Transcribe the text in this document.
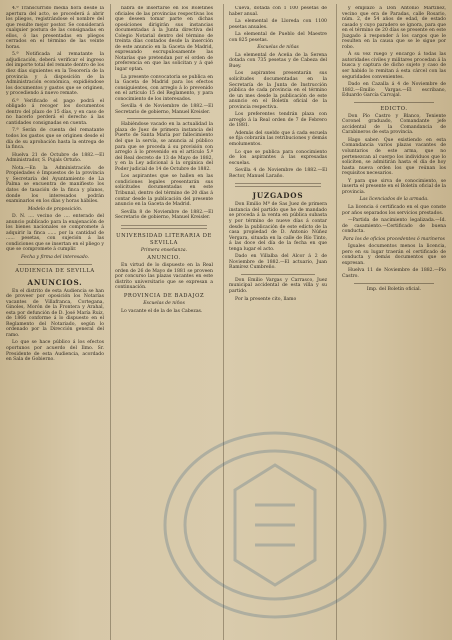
4.ª Transcurrido media hora desde la apertura del acto, se procederá á abrir los pliegos, registrándose el nombre del que resulte mejor postor. Se considerará cualquier postura de las consignadas en ellos, ó las presentadas en pliegos cerrados en el término de las veinte horas.

5.ª Notificada al rematante la adjudicación, deberá verificar el ingreso del importe total del remate dentro de los diez días siguientes en la Tesorería de la provincia y á disposición de la Administración económica, expidiéndose los documentos y gastos que se originen, y procediendo á nuevo remate.

6.ª Verificado el pago podrá el obligado á recoger los documentos dentro del plazo de 15 días, y en caso de no hacerlo perderá el derecho á las cantidades consignadas en cuenta.

7.ª Serán de cuenta del rematante todos los gastos que se originen desde el día de su aprobación hasta la entrega de la finca.

Huelva 21 de Octubre de 1882.—El Administrador, S. Pujals Ortuño.

Nota.—En la Administración de Propiedades é Impuestos de la provincia y Secretaría del Ayuntamiento de La Palma se encuentra de manifiesto los datos de tasación de la finca y planos, donde los interesados podrán examinarlos en los días y horas hábiles.

Modelo de proposición.

D. N. .... vecino de .... enterado del anuncio publicado para la enajenación de los bienes nacionales se compromete á adquirir la finca ...... por la cantidad de ...... pesetas, con sujeción á las condiciones que se insertan en el pliego y que se compromete á cumplir.

Fecha y firma del interesado.

AUDIENCIA DE SEVILLA

ANUNCIOS.

En el distrito de esta Audiencia se han de proveer por oposición los Notarías vacantes de Villafranca, Cortegana, Ginoles, Morón de la Frontera y Arahal, esta por defunción de D. José María Ruiz, de 1866 conforme á lo dispuesto en el Reglamento del Notariado, según lo ordenado por la Dirección general del ramo.

Lo que se hace público á los efectos oportunos por acuerdo del Ilmo. Sr. Presidente de esta Audiencia, acordado en Sala de Gobierno.

habrá de insertarse en los Boletines oficiales de las provincias respectivas los que deseen tomar parte en dichas oposiciones dirigirán sus instancias documentadas á la Junta directiva del Colegio Notarial dentro del término de treinta días contados desde la inserción de este anuncio en la Gaceta de Madrid, expresando escrupulosamente las Notarías que pretendan por el orden de preferencia en que las solicitan y á qué lugar optan.

La presente convocatoria se publica en la Gaceta de Madrid para los efectos consiguientes, con arreglo á lo prevenido en el artículo 15 del Reglamento, y para conocimiento de los interesados.

Sevilla 4 de Noviembre de 1882.—El Secretario de gobierno, Manuel Kreisler.

Habiéndose vacado en la actualidad la plaza de Juez de primera instancia del Puerto de Santa María por fallecimiento del que la servía, se anuncia al público para que se proceda á su provisión con arreglo á lo prevenido en el artículo 5.º del Real decreto de 13 de Mayo de 1882, y en la Ley adicional á la orgánica del Poder judicial de 14 de Octubre de 1882.

Los aspirantes que se hallen en las condiciones legales presentarán sus solicitudes documentadas en este Tribunal, dentro del término de 20 días á contar desde la publicación del presente anuncio en la Gaceta de Madrid.

Sevilla 8 de Noviembre de 1882.—El Secretario de gobierno, Manuel Kreisler.

UNIVERSIDAD LITERARIA DE SEVILLA

Primera enseñanza.

ANUNCIO.

En virtud de lo dispuesto en la Real orden de 26 de Mayo de 1881 se proveen por concurso las plazas vacantes en este distrito universitario que se expresan a continuación.

PROVINCIA DE BADAJOZ

Escuelas de niños

Lo vacante el de la de las Cabezas.

Cueva, dotada con 1 100 pesetas de haber anual.

La elemental de Lloreda con 1100 pesetas anuales.

La elemental de Pueblo del Maestre con 825 pesetas.

Escuelas de niñas

La elemental de Aceña de la Serena dotada con 735 pesetas y de Cabeza del Buey.

Los aspirantes presentarán sus solicitudes documentadas en la Secretaría de la Junta de Instrucción pública de cada provincia en el término de un mes desde la publicación de este anuncio en el Boletín oficial de la provincia respectiva.

Los preferentes tendrán plaza con arreglo á la Real orden de 7 de Febrero de 1881.

Además del sueldo que á cada escuela se fija cobrarán las retribuciones y demás emolumentos.

Lo que se publica para conocimiento de los aspirantes á las expresadas escuelas.

Sevilla 4 de Noviembre de 1882.—El Rector, Manuel Laraño.

JUZGADOS

Don Emilio Mª de Sas Juez de primera instancia del partido que he de mandado se proceda á la venta en pública subasta y por término de nueve días á contar desde la publicación de este edicto de la casa propiedad de D. Antonio Núñez Vergara, situada en la calle de Río Tinto, á las doce del día de la fecha en que tenga lugar el acto.

Dado en Villalba del Alcor á 2 de Noviembre de 1882.—El actuario, Juan Ramírez Cumbreño.

Don Emilio Vargas y Carrasco, Juez municipal accidental de esta villa y su partido.

Por la presente cito, llamo

y emplazo á Don Antonio Martínez, vecino que era de Paradas, calle Rosario, núm. 2, de 54 años de edad, de estado casado y cuyo paradero se ignora, para que en el término de 20 días se presente en este Juzgado á responder á los cargos que le resulten en la causa que se le sigue por robo.

Á su vez ruego y encargo á todas las autoridades civiles y militares procedan á la busca y captura de dicho sujeto y caso de ser habido lo remitan á esta cárcel con las seguridades convenientes.

Dado en Cazalla á 4 de Noviembre de 1882.—Emilio Vargas.—El escribano, Eduardo García Carvajal.

EDICTO.

Don Pío Castro y Blanco, Teniente Coronel graduado, Comandante jefe accidental de la Comandancia de Carabineros de esta provincia.

Hago saber: Que existiendo en esta Comandancia varios plazas vacantes de voluntarios de este arma, que no pertenezcan al cuerpo los individuos que lo soliciten, se admitirán hasta el día de hoy hasta nueva orden los que reúnan los requisitos necesarios.

Y para que sirva de conocimiento, se inserta el presente en el Boletín oficial de la provincia.

Las licenciados de la armada.

La licencia ó certificado en el que conste por años separados los servicios prestados.

—Partida de nacimiento legalizada.—Id. de casamiento.—Certificado de buena conducta.

Para los de oficios procedentes ó marineros

Iguales documentos menos la licencia, pero en su lugar traerán el certificado de conducta y demás documentos que se expresan.

Huelva 11 de Noviembre de 1882.—Pío Castro.

Imp. del Boletín oficial.
